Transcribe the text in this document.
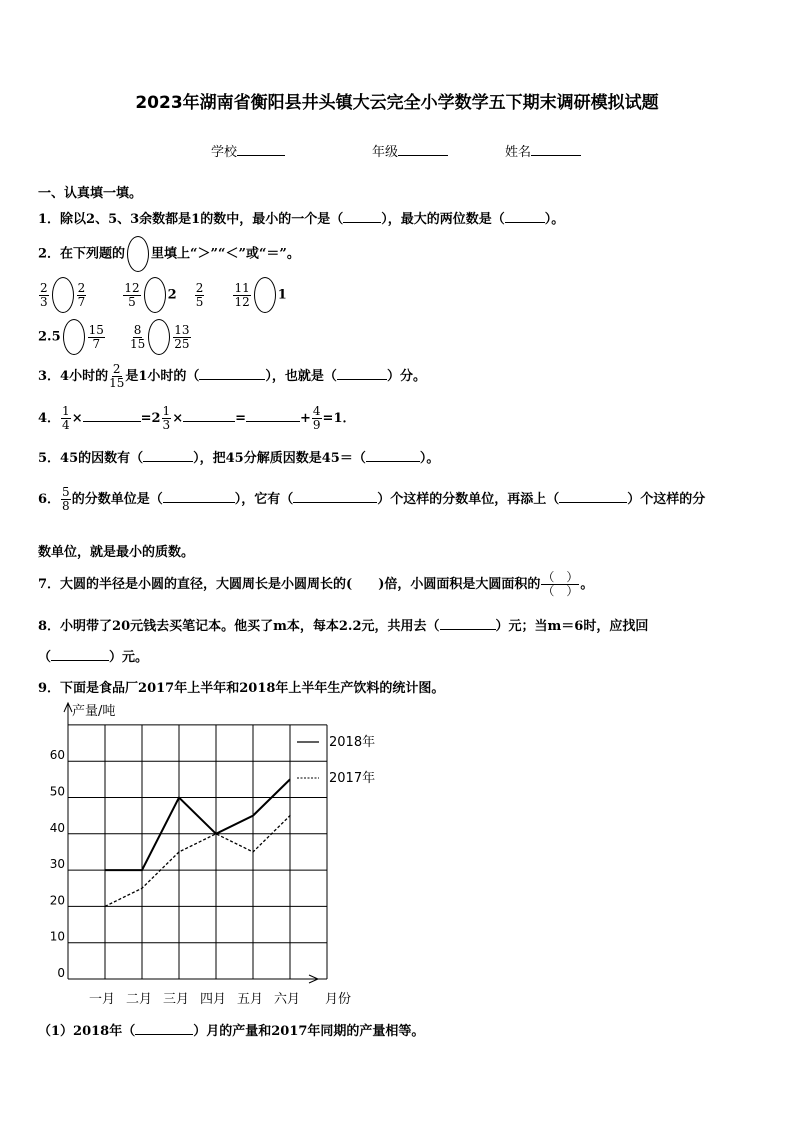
2023年湖南省衡阳县井头镇大云完全小学数学五下期末调研模拟试题
学校	年级	姓名
一、认真填一填。
1．除以2、5、3余数都是1的数中，最小的一个是（	），最大的两位数是（	）。
2．在下列题的 里填上“＞”“＜”或“＝”。
$\frac{2}{3} \frac{2}{7}$
	$\frac{12}{5} 2 \frac{2}{5}$
$\frac{11}{12} 1$
$2.5 \frac{15}{7}$
$\frac{8}{15} \frac{13}{25}$
3．4小时的 $\frac{2}{15}$ 是1小时的（	），也就是（	）分。
4． $\frac{1}{4}$ ×	$=2 \frac{1}{3}$ ×	=	+ $\frac{4}{9} =1$．
5．45的因数有（	），把45分解质因数是45＝（	）。
6． $\frac{5}{8}$ 的分数单位是（	），它有（	）个这样的分数单位，再添上（	）个这样的分
数单位，就是最小的质数。
7．大圆的半径是小圆的直径，大圆周长是小圆周长的( )倍，小圆面积是大圆面积的 $\frac{( )}{( )}$ 。
8．小明带了20元钱去买笔记本。他买了m本，每本2.2元，共用去（	）元；当m＝6时，应找回
（	）元。
9．下面是食品厂2017年上半年和2018年上半年生产饮料的统计图。
产量/吨
0
10
20
30
40
50
60
一月 二月 三月 四月 五月 六月 月份
2018年
2017年
（1）2018年（	）月的产量和2017年同期的产量相等。
